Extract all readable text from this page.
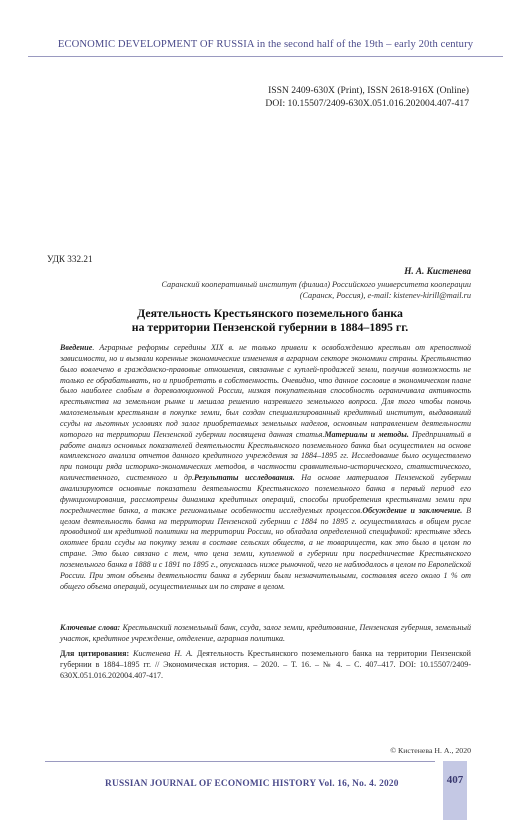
ECONOMIC DEVELOPMENT OF RUSSIA in the second half of the 19th – early 20th century
ISSN 2409-630X (Print), ISSN 2618-916X (Online)
DOI: 10.15507/2409-630X.051.016.202004.407-417
УДК 332.21
Н. А. Кистенева
Саранский кооперативный институт (филиал) Российского университета кооперации
(Саранск, Россия), e-mail: kistenev-kirill@mail.ru
Деятельность Крестьянского поземельного банка
на территории Пензенской губернии в 1884–1895 гг.
Введение. Аграрные реформы середины XIX в. не только привели к освобождению крестьян от крепостной зависимости, но и вызвали коренные экономические изменения в аграрном секторе экономики страны. Крестьянство было вовлечено в гражданско-правовые отношения, связанные с куплей-продажей земли, получив возможность не только ее обрабатывать, но и приобретать в собственность. Очевидно, что данное сословие в экономическом плане было наиболее слабым в дореволюционной России, низкая покупательная способность ограничивала активность крестьянства на земельном рынке и мешала решению назревшего земельного вопроса. Для того чтобы помочь малоземельным крестьянам в покупке земли, был создан специализированный кредитный институт, выдававший ссуды на льготных условиях под залог приобретаемых земельных наделов, основным направлением деятельности которого на территории Пензенской губернии посвящена данная статья.Материалы и методы. Предпринятый в работе анализ основных показателей деятельности Крестьянского поземельного банка был осуществлен на основе комплексного анализа отчетов данного кредитного учреждения за 1884–1895 гг. Исследование было осуществлено при помощи ряда историко-экономических методов, в частности сравнительно-исторического, статистического, количественного, системного и др.Результаты исследования. На основе материалов Пензенской губернии анализируются основные показатели деятельности Крестьянского поземельного банка в первый период его функционирования, рассмотрены динамика кредитных операций, способы приобретения крестьянами земли при посредничестве банка, а также региональные особенности исследуемых процессов.Обсуждение и заключение. В целом деятельность банка на территории Пензенской губернии с 1884 по 1895 г. осуществлялась в общем русле проводимой им кредитной политики на территории России, но обладала определенной спецификой: крестьяне здесь охотнее брали ссуды на покупку земли в составе сельских обществ, а не товариществ, как это было в целом по стране. Это было связано с тем, что цена земли, купленной в губернии при посредничестве Крестьянского поземельного банка в 1888 и с 1891 по 1895 г., опускалась ниже рыночной, чего не наблюдалось в целом по Европейской России. При этом объемы деятельности банка в губернии были незначительными, составляя всего около 1 % от общего объема операций, осуществленных им по стране в целом.
Ключевые слова: Крестьянский поземельный банк, ссуда, залог земли, кредитование, Пензенская губерния, земельный участок, кредитное учреждение, отделение, аграрная политика.
Для цитирования: Кистенева Н. А. Деятельность Крестьянского поземельного банка на территории Пензенской губернии в 1884–1895 гг. // Экономическая история. – 2020. – Т. 16. – № 4. – С. 407–417. DOI: 10.15507/2409-630X.051.016.202004.407-417.
© Кистенева Н. А., 2020
RUSSIAN JOURNAL OF ECONOMIC HISTORY Vol. 16, No. 4. 2020	407
